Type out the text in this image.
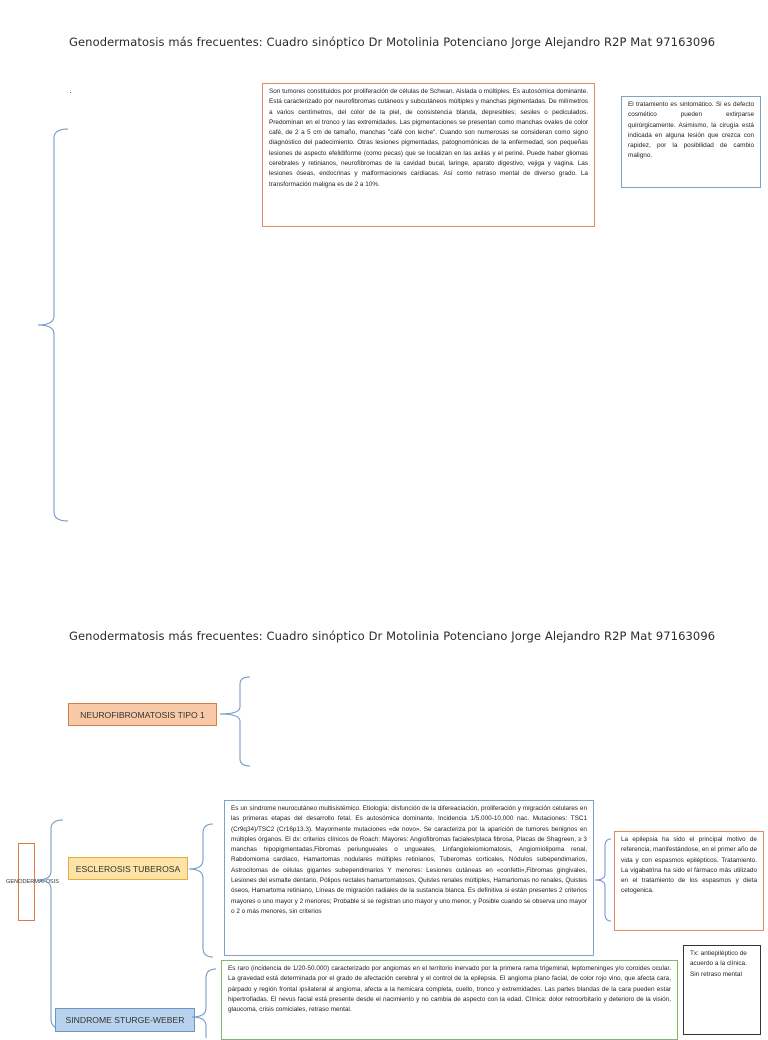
Genodermatosis más frecuentes: Cuadro sinóptico Dr Motolinia Potenciano Jorge Alejandro R2P Mat 97163096
Son tumores constituidos por proliferación de células de Schwan. Aislada o múltiples. Es autosómica dominante. Está caracterizado por neurofibromas cutáneos y subcutáneos múltiples y manchas pigmentadas. De milímetros a varios centímetros, del color de la piel, de consistencia blanda, depresibles; sesiles o pediculados. Predominan en el tronco y las extremidades. Las pigmentaciones se presentan como manchas ovales de color café, de 2 a 5 cm de tamaño, manchas "café con leche". Cuando son numerosas se consideran como signo diagnóstico del padecimiento. Otras lesiones pigmentadas, patognomónicas de la enfermedad, son pequeñas lesiones de aspecto efelidiforme (como pecas) que se localizan en las axilas y el periné. Puede haber gliomas cerebrales y retinianos, neurofibromas de la cavidad bucal, laringe, aparato digestivo, vejiga y vagina. Las lesiones óseas, endocrinas y malformaciones cardiacas. Así como retraso mental de diverso grado. La transformación maligna es de 2 a 10%.
El tratamiento es sintomático. Si es defecto cosmético pueden extirparse quirúrgicamente. Asimismo, la cirugía está indicada en alguna lesión que crezca con rapidez, por la posibilidad de cambio maligno.
Genodermatosis más frecuentes: Cuadro sinóptico Dr Motolinia Potenciano Jorge Alejandro R2P Mat 97163096
NEUROFIBROMATOSIS TIPO 1
GENODERMATOSIS
ESCLEROSIS TUBEROSA
Es un síndrome neurocutáneo multisistémico. Etiología: disfunción de la difereaciación, proliferación y migración celulares en las primeras etapas del desarrollo fetal. Es autosómica dominante. Incidencia 1/5.000-10.000 nac. Mutaciones: TSC1 (Cr9q34)/TSC2 (Cr16p13.3). Mayormente mutaciones «de novo». Se caracteriza por la aparición de tumores benignos en múltiples órganos. El dx: criterios clínicos de Roach: Mayores: Angiofibromas faciales/placa fibrosa, Placas de Shagreen, ≥ 3 manchas hipopigmentadas,Fibromas periungueales o ungueales, Linfangioleiomiomatosis, Angiomiolipoma renal, Rabdomioma cardiaco, Hamartomas nodulares múltiples retinianos, Tuberomas corticales, Nódulos subependimarios, Astrocitomas de células gigantes subependimarios Y menores: Lesiones cutáneas en «confetti»,Fibromas gingivales, Lesiones del esmalte dentario, Pólipos rectales hamartomatosos, Quistes renales múltiples, Hamartomas no renales, Quistes óseos, Hamartoma retiniano, Líneas de migración radiales de la sustancia blanca. Es definitiva si están presentes 2 criterios mayores o uno mayor y 2 menores; Probable si se registran uno mayor y uno menor, y Posible cuando se observa uno mayor o 2 o más menores, sin criterios
La epilepsia ha sido el principal motivo de referencia, manifestándose, en el primer año de vida y con espasmos epilépticos. Tratamiento. La vigabatrina ha sido el fármaco más utilizado en el tratamiento de los espasmos y dieta cetogenica.
SINDROME STURGE-WEBER
Es raro (incidencia de 1/20-50.000) caracterizado por angiomas en el territorio inervado por la primera rama trigeminal, leptomeninges y/o coroides ocular. La gravedad está determinada por el grado de afectación cerebral y el control de la epilepsia. El angioma plano facial, de color rojo vino, que afecta cara, párpado y región frontal ipsilateral al angioma, afecta a la hemicara completa, cuello, tronco y extremidades. Las partes blandas de la cara pueden estar hipertrofiadas. El nevus facial está presente desde el nacimiento y no cambia de aspecto con la edad. Clínica: dolor retroorbitario y deterioro de la visión, glaucoma, crisis comiciales, retraso mental.
Tx: antiepiléptico de acuerdo a la clínica. Sin retraso mental
